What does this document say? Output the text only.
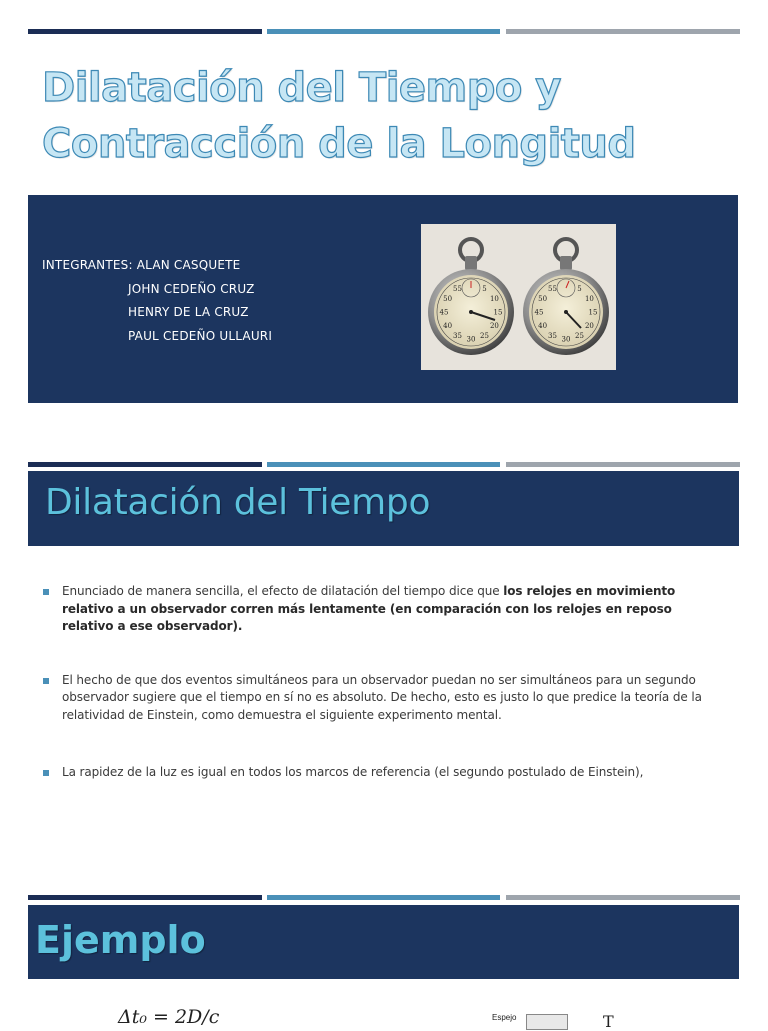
Dilatación del Tiempo y
Contracción de la Longitud
INTEGRANTES: ALAN CASQUETE
JOHN CEDEÑO CRUZ
HENRY DE LA CRUZ
PAUL CEDEÑO ULLAURI
5
10
15
20
25
30
35
40
45
50
55	5
10
15
20
25
30
35
40
45
50
55
Dilatación del Tiempo
Enunciado de manera sencilla, el efecto de dilatación del tiempo dice que los relojes en movimiento relativo a un observador corren más lentamente (en comparación con los relojes en reposo relativo a ese observador).
El hecho de que dos eventos simultáneos para un observador puedan no ser simultáneos para un segundo observador sugiere que el tiempo en sí no es absoluto. De hecho, esto es justo lo que predice la teoría de la relatividad de Einstein, como demuestra el siguiente experimento mental.
La rapidez de la luz es igual en todos los marcos de referencia (el segundo postulado de Einstein),
Ejemplo
Δt₀ = 2D/c	Espejo	T
